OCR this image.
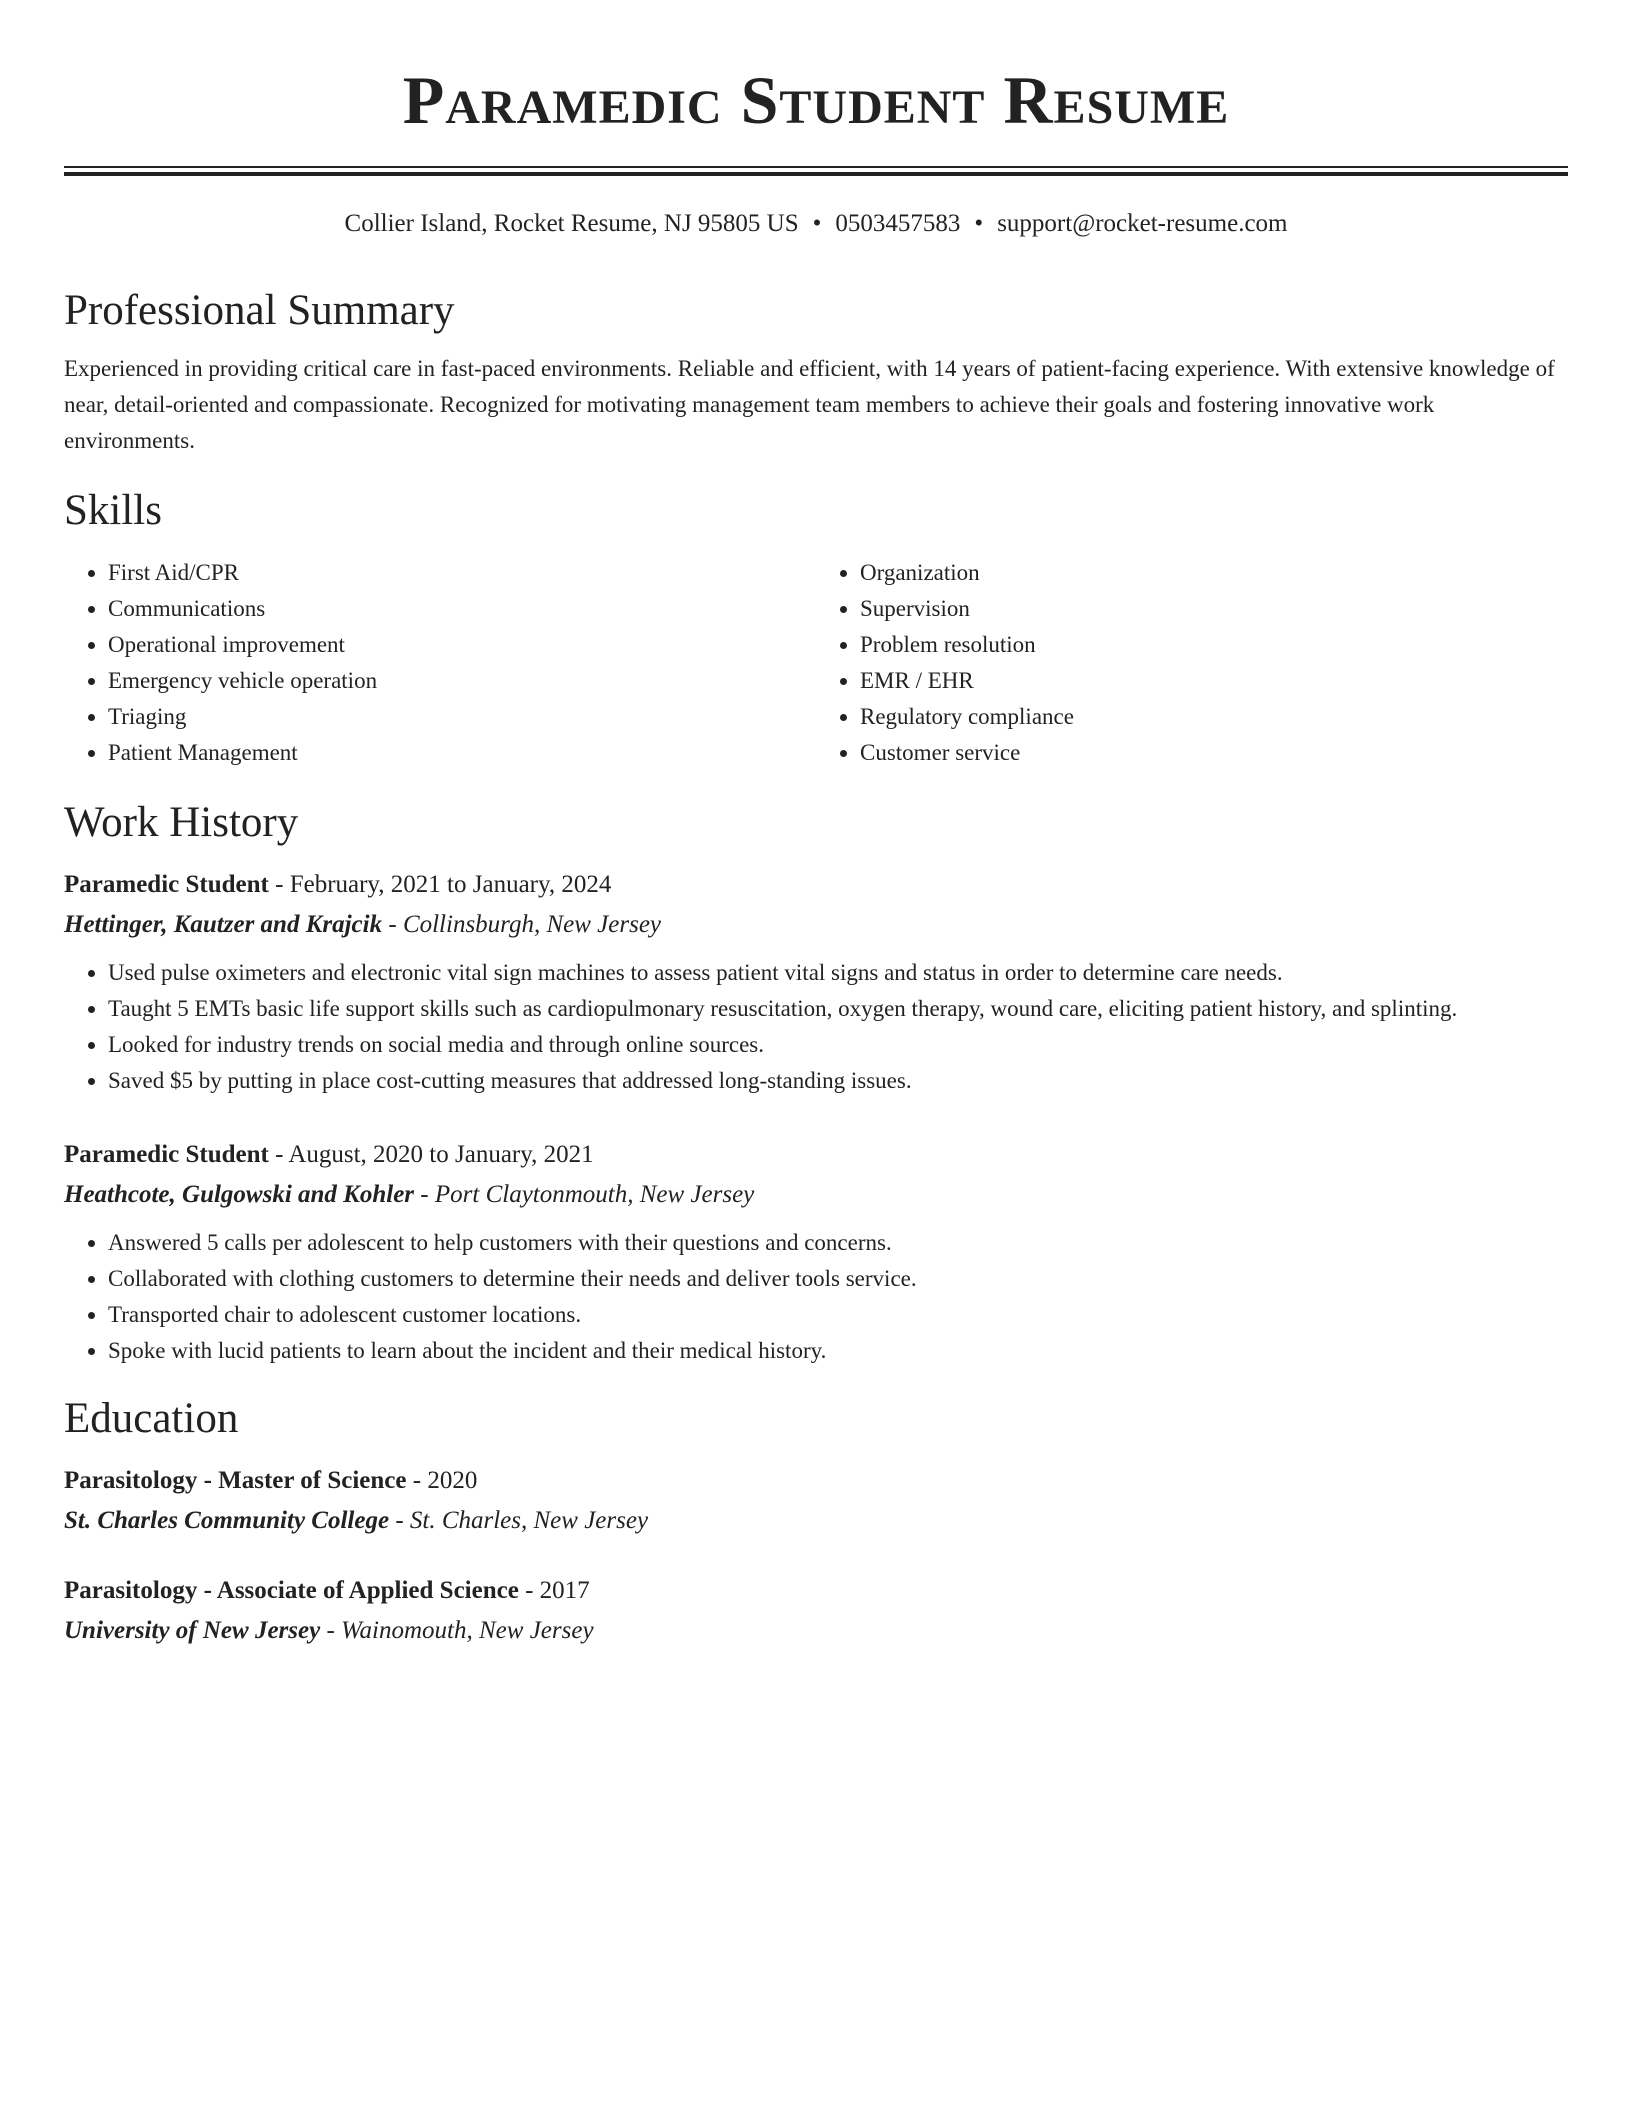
Paramedic Student Resume
Collier Island, Rocket Resume, NJ 95805 US • 0503457583 • support@rocket-resume.com
Professional Summary

Experienced in providing critical care in fast-paced environments. Reliable and efficient, with 14 years of patient-facing experience. With extensive knowledge of near, detail-oriented and compassionate. Recognized for motivating management team members to achieve their goals and fostering innovative work environments.

Skills
• First Aid/CPR
• Communications
• Operational improvement
• Emergency vehicle operation
• Triaging
• Patient Management
• Organization
• Supervision
• Problem resolution
• EMR / EHR
• Regulatory compliance
• Customer service
Work History
Paramedic Student - February, 2021 to January, 2024
Hettinger, Kautzer and Krajcik - Collinsburgh, New Jersey
• Used pulse oximeters and electronic vital sign machines to assess patient vital signs and status in order to determine care needs.
• Taught 5 EMTs basic life support skills such as cardiopulmonary resuscitation, oxygen therapy, wound care, eliciting patient history, and splinting.
• Looked for industry trends on social media and through online sources.
• Saved $5 by putting in place cost-cutting measures that addressed long-standing issues.
Paramedic Student - August, 2020 to January, 2021
Heathcote, Gulgowski and Kohler - Port Claytonmouth, New Jersey
• Answered 5 calls per adolescent to help customers with their questions and concerns.
• Collaborated with clothing customers to determine their needs and deliver tools service.
• Transported chair to adolescent customer locations.
• Spoke with lucid patients to learn about the incident and their medical history.
Education
Parasitology - Master of Science - 2020
St. Charles Community College - St. Charles, New Jersey
Parasitology - Associate of Applied Science - 2017
University of New Jersey - Wainomouth, New Jersey
